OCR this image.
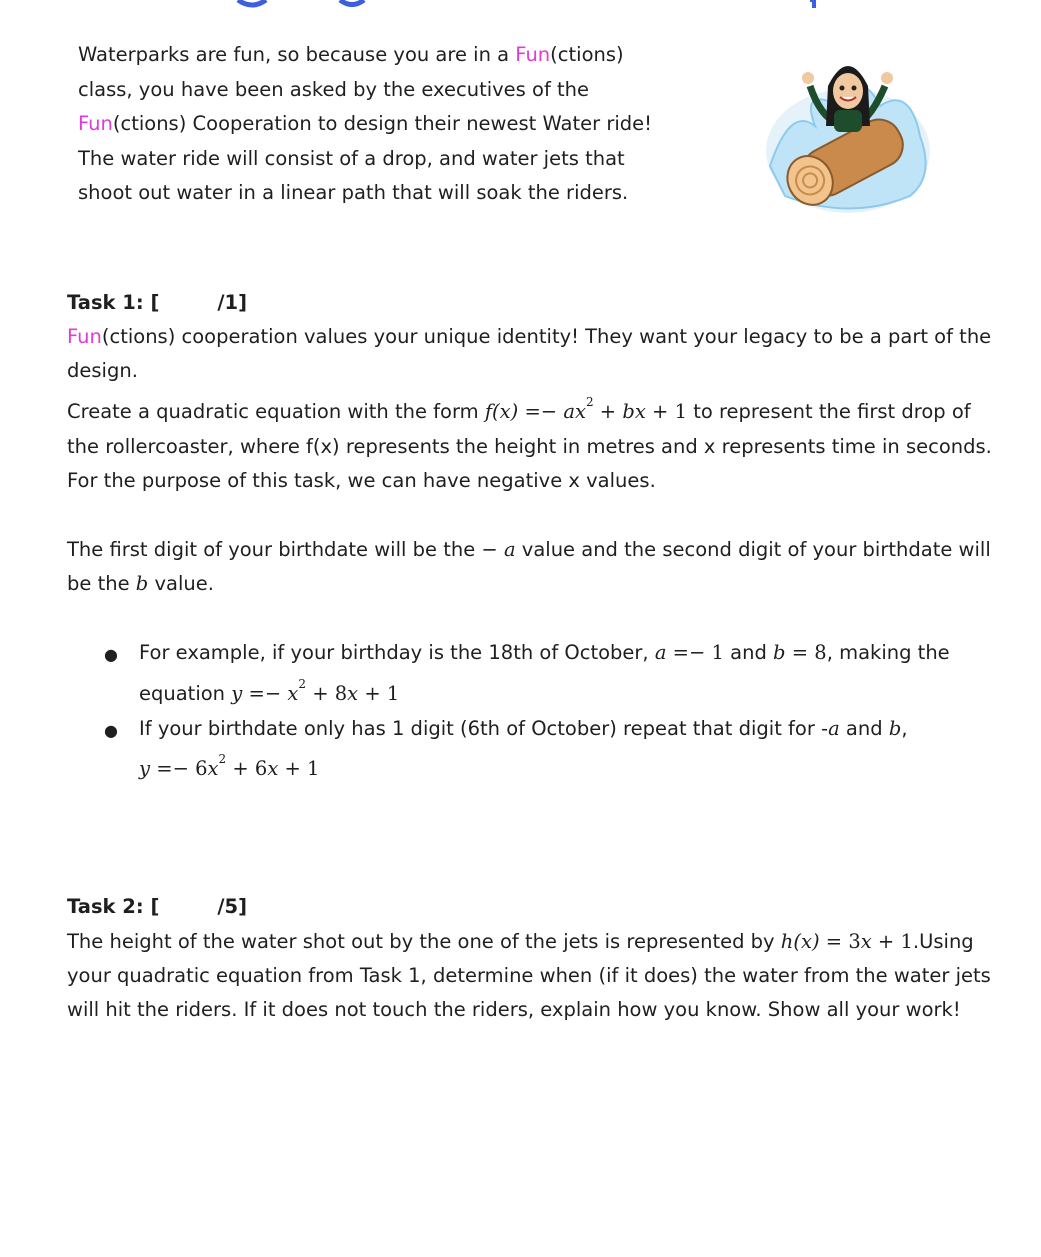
Waterparks are fun, so because you are in a Fun(ctions)

class, you have been asked by the executives of the

Fun(ctions) Cooperation to design their newest Water ride!

The water ride will consist of a drop, and water jets that

shoot out water in a linear path that will soak the riders.

Task 1: [	/1]

Fun(ctions) cooperation values your unique identity! They want your legacy to be a part of the

design.

Create a quadratic equation with the form $f(x) =- ax^2$ + bx + 1 to represent the first drop of

the rollercoaster, where f(x) represents the height in metres and x represents time in seconds.

For the purpose of this task, we can have negative x values.

The first digit of your birthdate will be the − a value and the second digit of your birthdate will

be the b value.

● For example, if your birthday is the 18th of October, a =− 1 and b = 8, making the

equation $y =- x^2 + 8x + 1$

● If your birthdate only has 1 digit (6th of October) repeat that digit for -a and b,

$y =- 6x^2 + 6x + 1$

Task 2: [	/5]

The height of the water shot out by the one of the jets is represented by h(x) = 3x + 1.Using

your quadratic equation from Task 1, determine when (if it does) the water from the water jets

will hit the riders. If it does not touch the riders, explain how you know. Show all your work!
